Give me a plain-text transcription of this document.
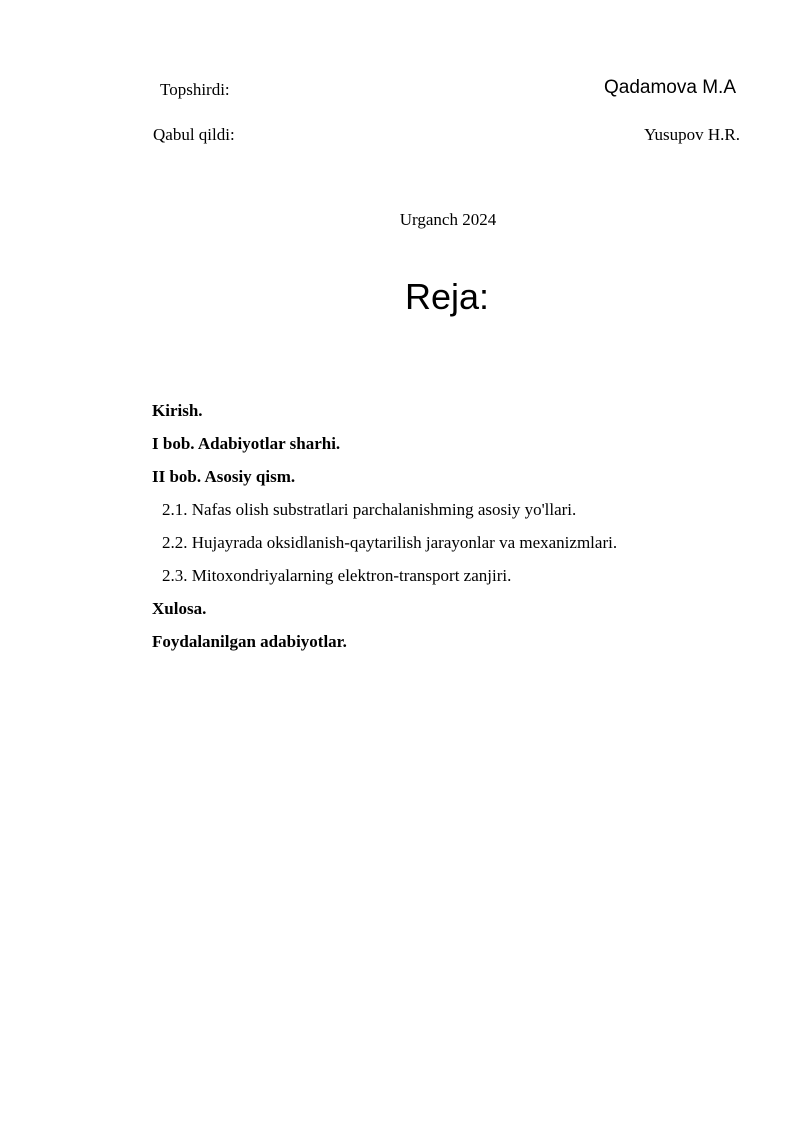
Topshirdi:	Qadamova M.A
Qabul qildi:	Yusupov H.R.
Urganch 2024
Reja:
Kirish.
I bob. Adabiyotlar sharhi.
II bob. Asosiy qism.
2.1. Nafas olish substratlari parchalanishming asosiy yo'llari.
2.2. Hujayrada oksidlanish-qaytarilish jarayonlar va mexanizmlari.
2.3. Mitoxondriyalarning elektron-transport zanjiri.
Xulosa.
Foydalanilgan adabiyotlar.
